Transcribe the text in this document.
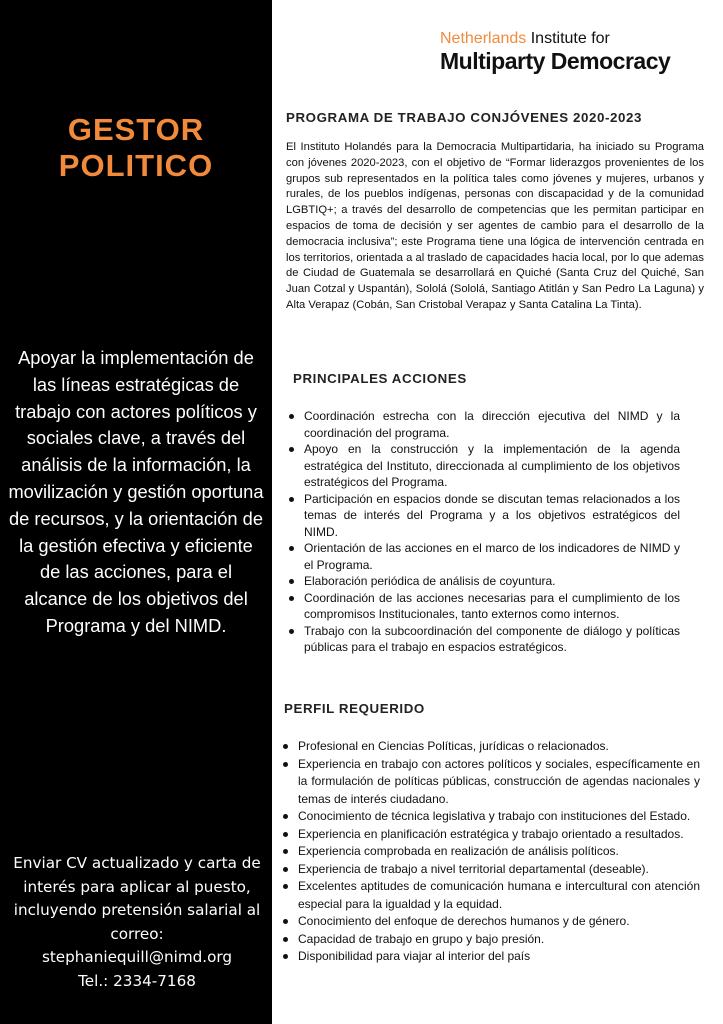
GESTOR
POLITICO
Apoyar la implementación de las líneas estratégicas de trabajo con actores políticos y sociales clave, a través del análisis de la información, la movilización y gestión oportuna de recursos, y la orientación de la gestión efectiva y eficiente de las acciones, para el alcance de los objetivos del Programa y del NIMD.
Enviar CV actualizado y carta de
interés para aplicar al puesto,
incluyendo pretensión salarial al
correo:
stephaniequill@nimd.org
Tel.: 2334-7168
Netherlands Institute for
Multiparty Democracy
PROGRAMA DE TRABAJO CONJÓVENES 2020-2023
El Instituto Holandés para la Democracia Multipartidaria, ha iniciado su Programa con jóvenes 2020-2023, con el objetivo de “Formar liderazgos provenientes de los grupos sub representados en la política tales como jóvenes y mujeres, urbanos y rurales, de los pueblos indígenas, personas con discapacidad y de la comunidad LGBTIQ+; a través del desarrollo de competencias que les permitan participar en espacios de toma de decisión y ser agentes de cambio para el desarrollo de la democracia inclusiva”; este Programa tiene una lógica de intervención centrada en los territorios, orientada a al traslado de capacidades hacia local, por lo que ademas de Ciudad de Guatemala se desarrollará en Quiché (Santa Cruz del Quiché, San Juan Cotzal y Uspantán), Sololá (Sololá, Santiago Atitlán y San Pedro La Laguna) y Alta Verapaz (Cobán, San Cristobal Verapaz y Santa Catalina La Tinta).
PRINCIPALES ACCIONES
Coordinación estrecha con la dirección ejecutiva del NIMD y la coordinación del programa.
Apoyo en la construcción y la implementación de la agenda estratégica del Instituto, direccionada al cumplimiento de los objetivos estratégicos del Programa.
Participación en espacios donde se discutan temas relacionados a los temas de interés del Programa y a los objetivos estratégicos del NIMD.
Orientación de las acciones en el marco de los indicadores de NIMD y el Programa.
Elaboración periódica de análisis de coyuntura.
Coordinación de las acciones necesarias para el cumplimiento de los compromisos Institucionales, tanto externos como internos.
Trabajo con la subcoordinación del componente de diálogo y políticas públicas para el trabajo en espacios estratégicos.
PERFIL REQUERIDO
Profesional en Ciencias Políticas, jurídicas o relacionados.
Experiencia en trabajo con actores políticos y sociales, específicamente en la formulación de políticas públicas, construcción de agendas nacionales y temas de interés ciudadano.
Conocimiento de técnica legislativa y trabajo con instituciones del Estado.
Experiencia en planificación estratégica y trabajo orientado a resultados.
Experiencia comprobada en realización de análisis políticos.
Experiencia de trabajo a nivel territorial departamental (deseable).
Excelentes aptitudes de comunicación humana e intercultural con atención especial para la igualdad y la equidad.
Conocimiento del enfoque de derechos humanos y de género.
Capacidad de trabajo en grupo y bajo presión.
Disponibilidad para viajar al interior del país
